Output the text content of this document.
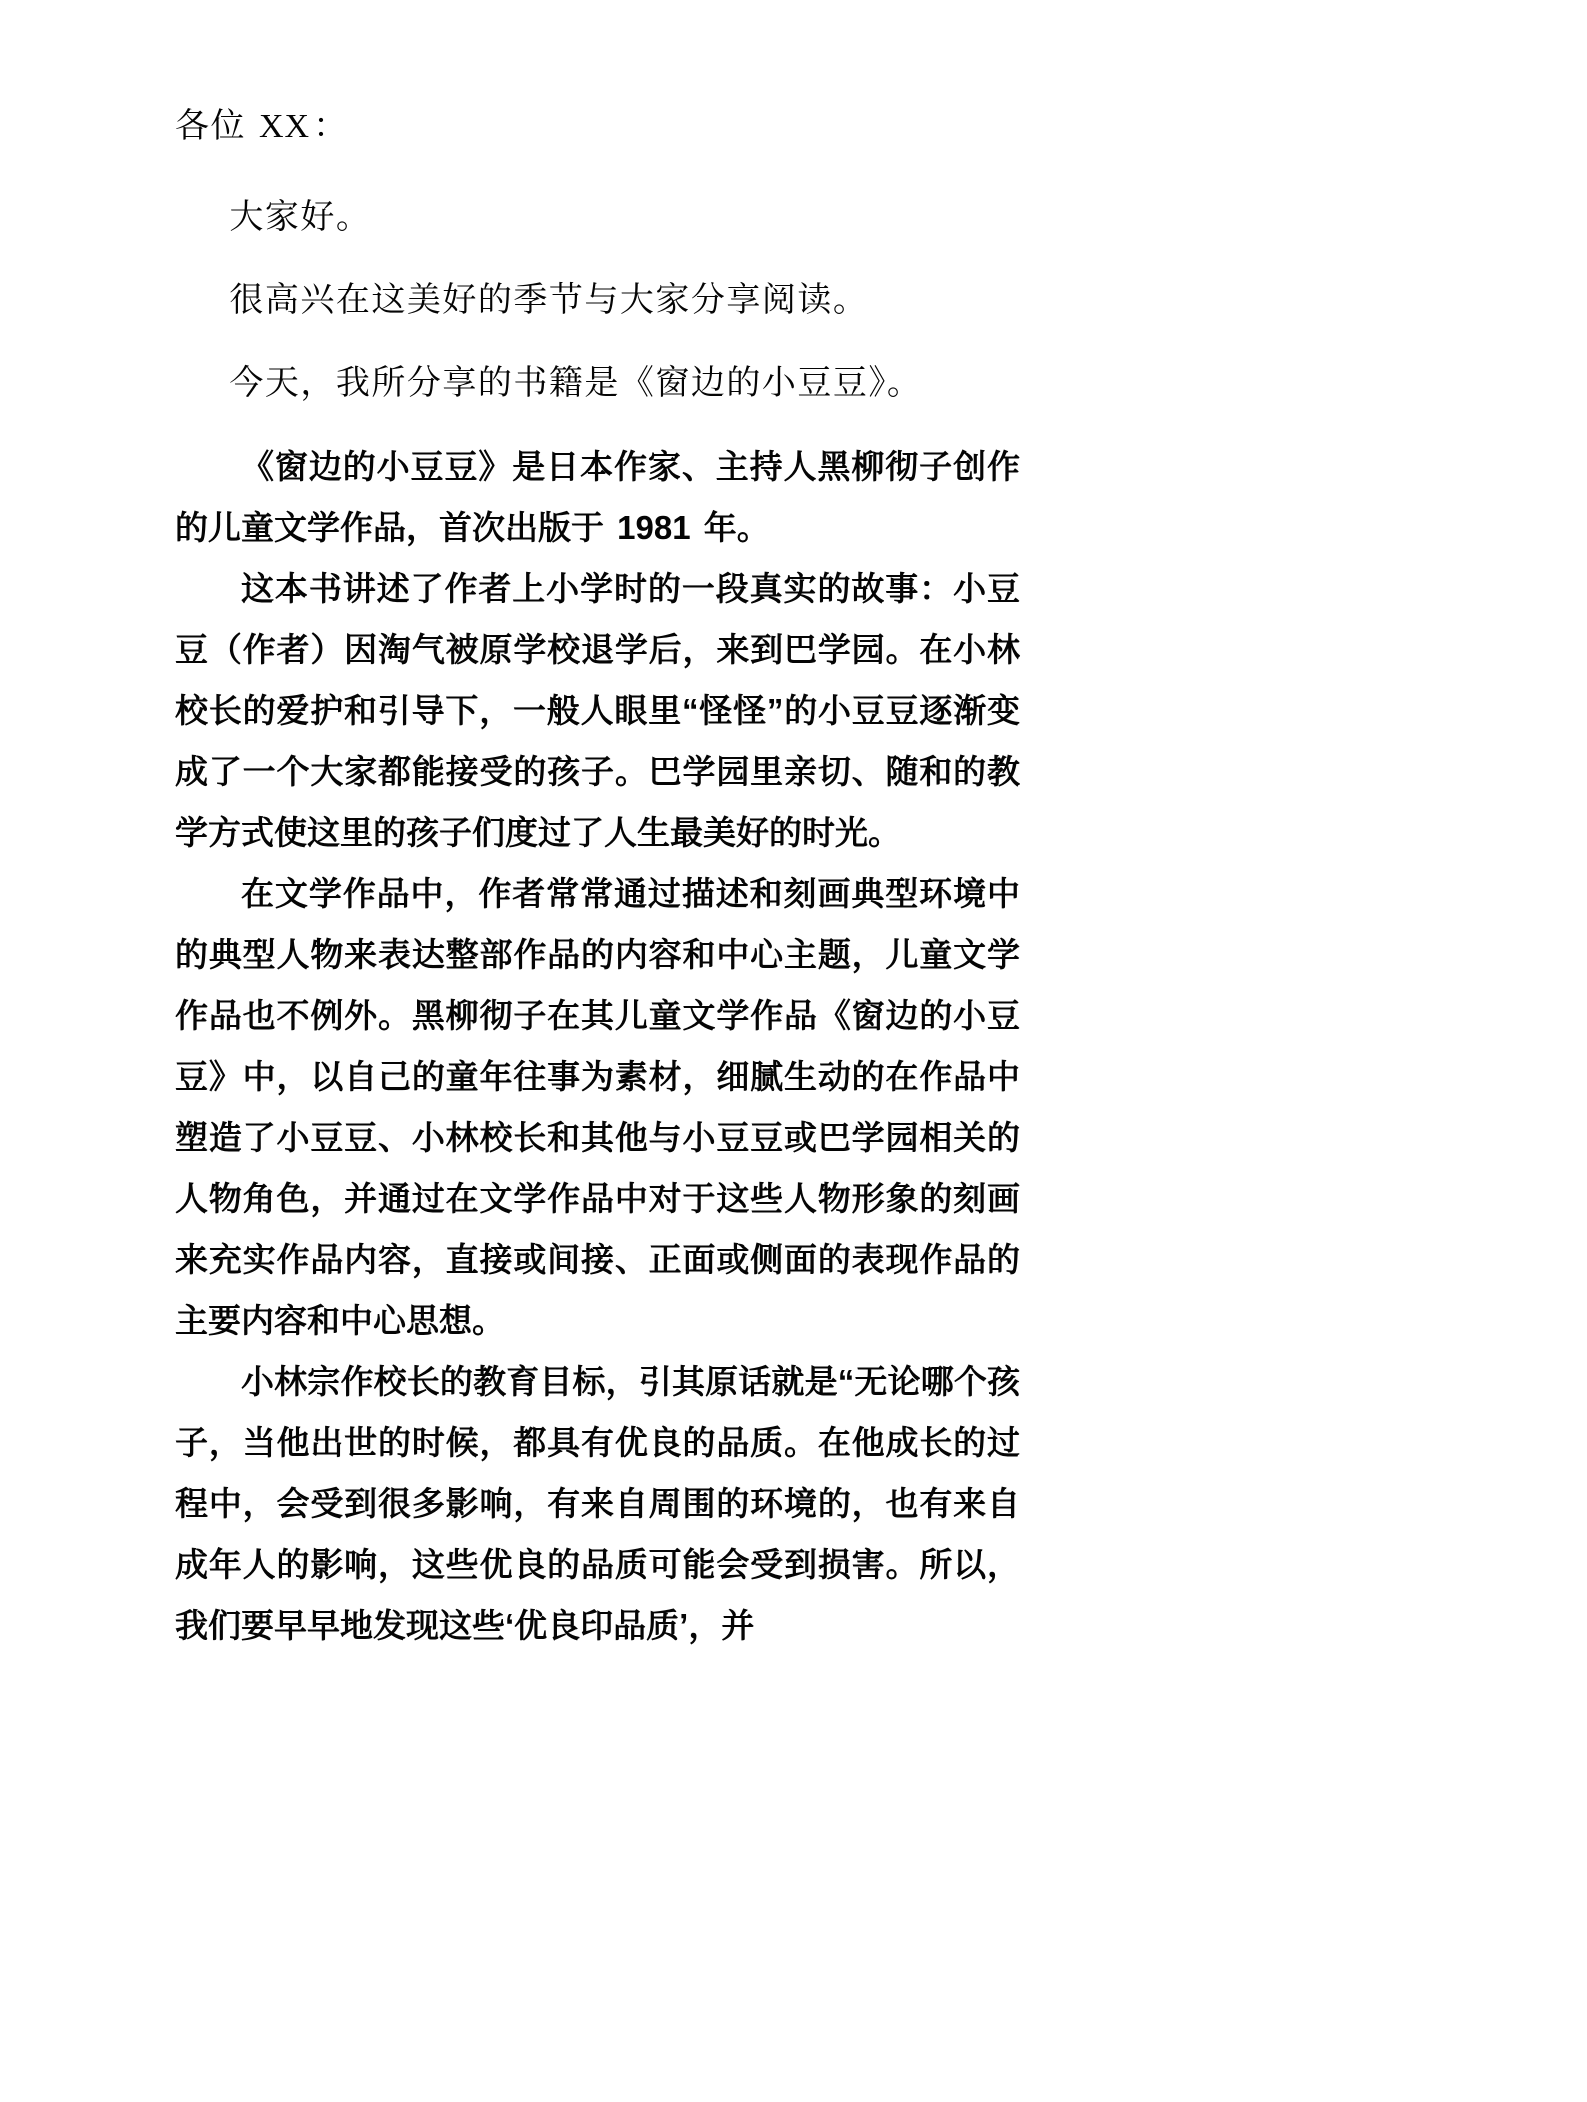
各位 XX：

大家好。

很高兴在这美好的季节与大家分享阅读。

今天，我所分享的书籍是《窗边的小豆豆》。

《窗边的小豆豆》是日本作家、主持人黑柳彻子创作的儿童文学作品，首次出版于 1981 年。

这本书讲述了作者上小学时的一段真实的故事：小豆豆（作者）因淘气被原学校退学后，来到巴学园。在小林校长的爱护和引导下，一般人眼里“怪怪”的小豆豆逐渐变成了一个大家都能接受的孩子。巴学园里亲切、随和的教学方式使这里的孩子们度过了人生最美好的时光。

在文学作品中，作者常常通过描述和刻画典型环境中的典型人物来表达整部作品的内容和中心主题，儿童文学作品也不例外。黑柳彻子在其儿童文学作品《窗边的小豆豆》中，以自己的童年往事为素材，细腻生动的在作品中塑造了小豆豆、小林校长和其他与小豆豆或巴学园相关的人物角色，并通过在文学作品中对于这些人物形象的刻画来充实作品内容，直接或间接、正面或侧面的表现作品的主要内容和中心思想。

小林宗作校长的教育目标，引其原话就是“无论哪个孩子，当他出世的时候，都具有优良的品质。在他成长的过程中，会受到很多影响，有来自周围的环境的，也有来自成年人的影响，这些优良的品质可能会受到损害。所以，我们要早早地发现这些‘优良印品质’，并
